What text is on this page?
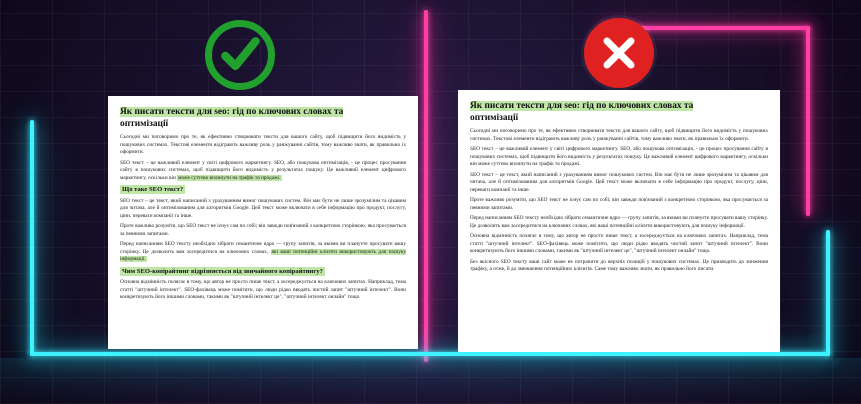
Як писати тексти для seo: гід по ключових словах та
оптимізації

Сьогодні ми поговоримо про те, як ефективно створювати тексти для вашого сайту, щоб підвищити його видимість у пошукових системах. Текстові елементи відіграють важливу роль у ранжуванні сайтів, тому важливо знати, як правильно їх оформити.

SEO текст – це важливий елемент у світі цифрового маркетингу. SEO, або пошукова оптимізація, - це процес просування сайту в пошукових системах, щоб підвищити його видимість у результатах пошуку. Це важливий елемент цифрового маркетингу, оскільки він може суттєво вплинути на трафік та продажі.

Що таке SEO текст?

SEO текст – це текст, який написаний з урахуванням вимог пошукових систем. Він має бути не лише зрозумілим та цікавим для читача, але й оптимізованим для алгоритмів Google. Цей текст може включати в себе інформацію про продукт, послугу, ціни, переваги компанії та інше.

Проте важливо розуміти, що SEO текст не існує сам по собі; він завжди пов'язаний з конкретною сторінкою, яка просувається за певними запитами.

Перед написанням SEO тексту необхідно зібрати семантичне ядро — групу запитів, за якими ви плануєте просувати вашу сторінку. Це дозволить вам зосередитися на ключових словах, які ваші потенційні клієнти використовують для пошуку інформації.

Чим SEO-копірайтинг відрізняється від звичайного копірайтингу?

Основна відмінність полягає в тому, що автор не просто пише текст, а зосереджується на ключових запитах. Наприклад, тема статті "штучний інтелект". SEO-фахівець може помітити, що люди рідко вводять чистий запит "штучний інтелект". Вони конкретизують його іншими словами, такими як "штучний інтелект це", "штучний інтелект онлайн" тощо.

Як писати тексти для seo: гід по ключових словах та
оптимізації

Сьогодні ми поговоримо про те, як ефективно створювати тексти для вашого сайту, щоб підвищити його видимість у пошукових системах. Текстові елементи відіграють важливу роль у ранжуванні сайтів, тому важливо знати, як правильно їх оформити.

SEO текст – це важливий елемент у світі цифрового маркетингу. SEO, або пошукова оптимізація, - це процес просування сайту в пошукових системах, щоб підвищити його видимість у результатах пошуку. Це важливий елемент цифрового маркетингу, оскільки він може суттєво вплинути на трафік та продажі.

SEO текст – це текст, який написаний з урахуванням вимог пошукових систем. Він має бути не лише зрозумілим та цікавим для читача, але й оптимізованим для алгоритмів Google. Цей текст може включати в себе інформацію про продукт, послугу, ціни, переваги компанії та інше.

Проте важливо розуміти, що SEO текст не існує сам по собі; він завжди пов'язаний з конкретною сторінкою, яка просувається за певними запитами.

Перед написанням SEO тексту необхідно зібрати семантичне ядро — групу запитів, за якими ви плануєте просувати вашу сторінку. Це дозволить вам зосередитися на ключових словах, які ваші потенційні клієнти використовують для пошуку інформації.

Основна відмінність полягає в тому, що автор не просто пише текст, а зосереджується на ключових запитах. Наприклад, тема статті "штучний інтелект". SEO-фахівець може помітити, що люди рідко вводять чистий запит "штучний інтелект". Вони конкретизують його іншими словами, такими як "штучний інтелект це", "штучний інтелект онлайн" тощо.

Без якісного SEO тексту ваші сайт може не потрапити до верхніх позицій у пошукових системах. Це призводить до зниження трафіку, а отже, й до зменшення потенційних клієнтів. Саме тому важливо знати, як правильно його писати.
